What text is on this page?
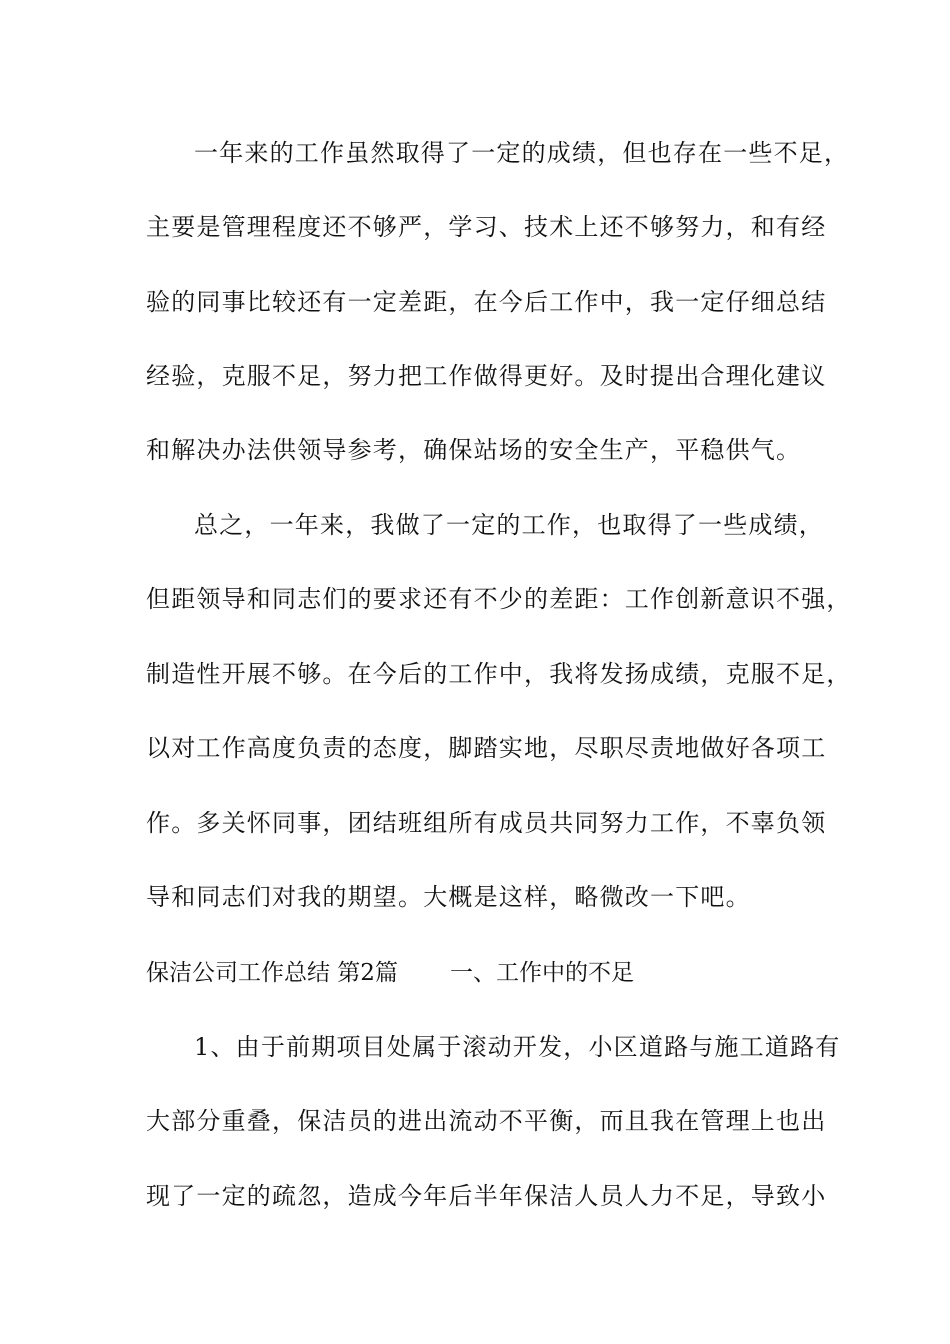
一年来的工作虽然取得了一定的成绩，但也存在一些不足，
主要是管理程度还不够严，学习、技术上还不够努力，和有经
验的同事比较还有一定差距，在今后工作中，我一定仔细总结
经验，克服不足，努力把工作做得更好。及时提出合理化建议
和解决办法供领导参考，确保站场的安全生产，平稳供气。
总之，一年来，我做了一定的工作，也取得了一些成绩，
但距领导和同志们的要求还有不少的差距：工作创新意识不强，
制造性开展不够。在今后的工作中，我将发扬成绩，克服不足，
以对工作高度负责的态度，脚踏实地，尽职尽责地做好各项工
作。多关怀同事，团结班组所有成员共同努力工作，不辜负领
导和同志们对我的期望。大概是这样，略微改一下吧。
保洁公司工作总结 第2篇 一、工作中的不足
1、由于前期项目处属于滚动开发，小区道路与施工道路有
大部分重叠，保洁员的进出流动不平衡，而且我在管理上也出
现了一定的疏忽，造成今年后半年保洁人员人力不足，导致小
